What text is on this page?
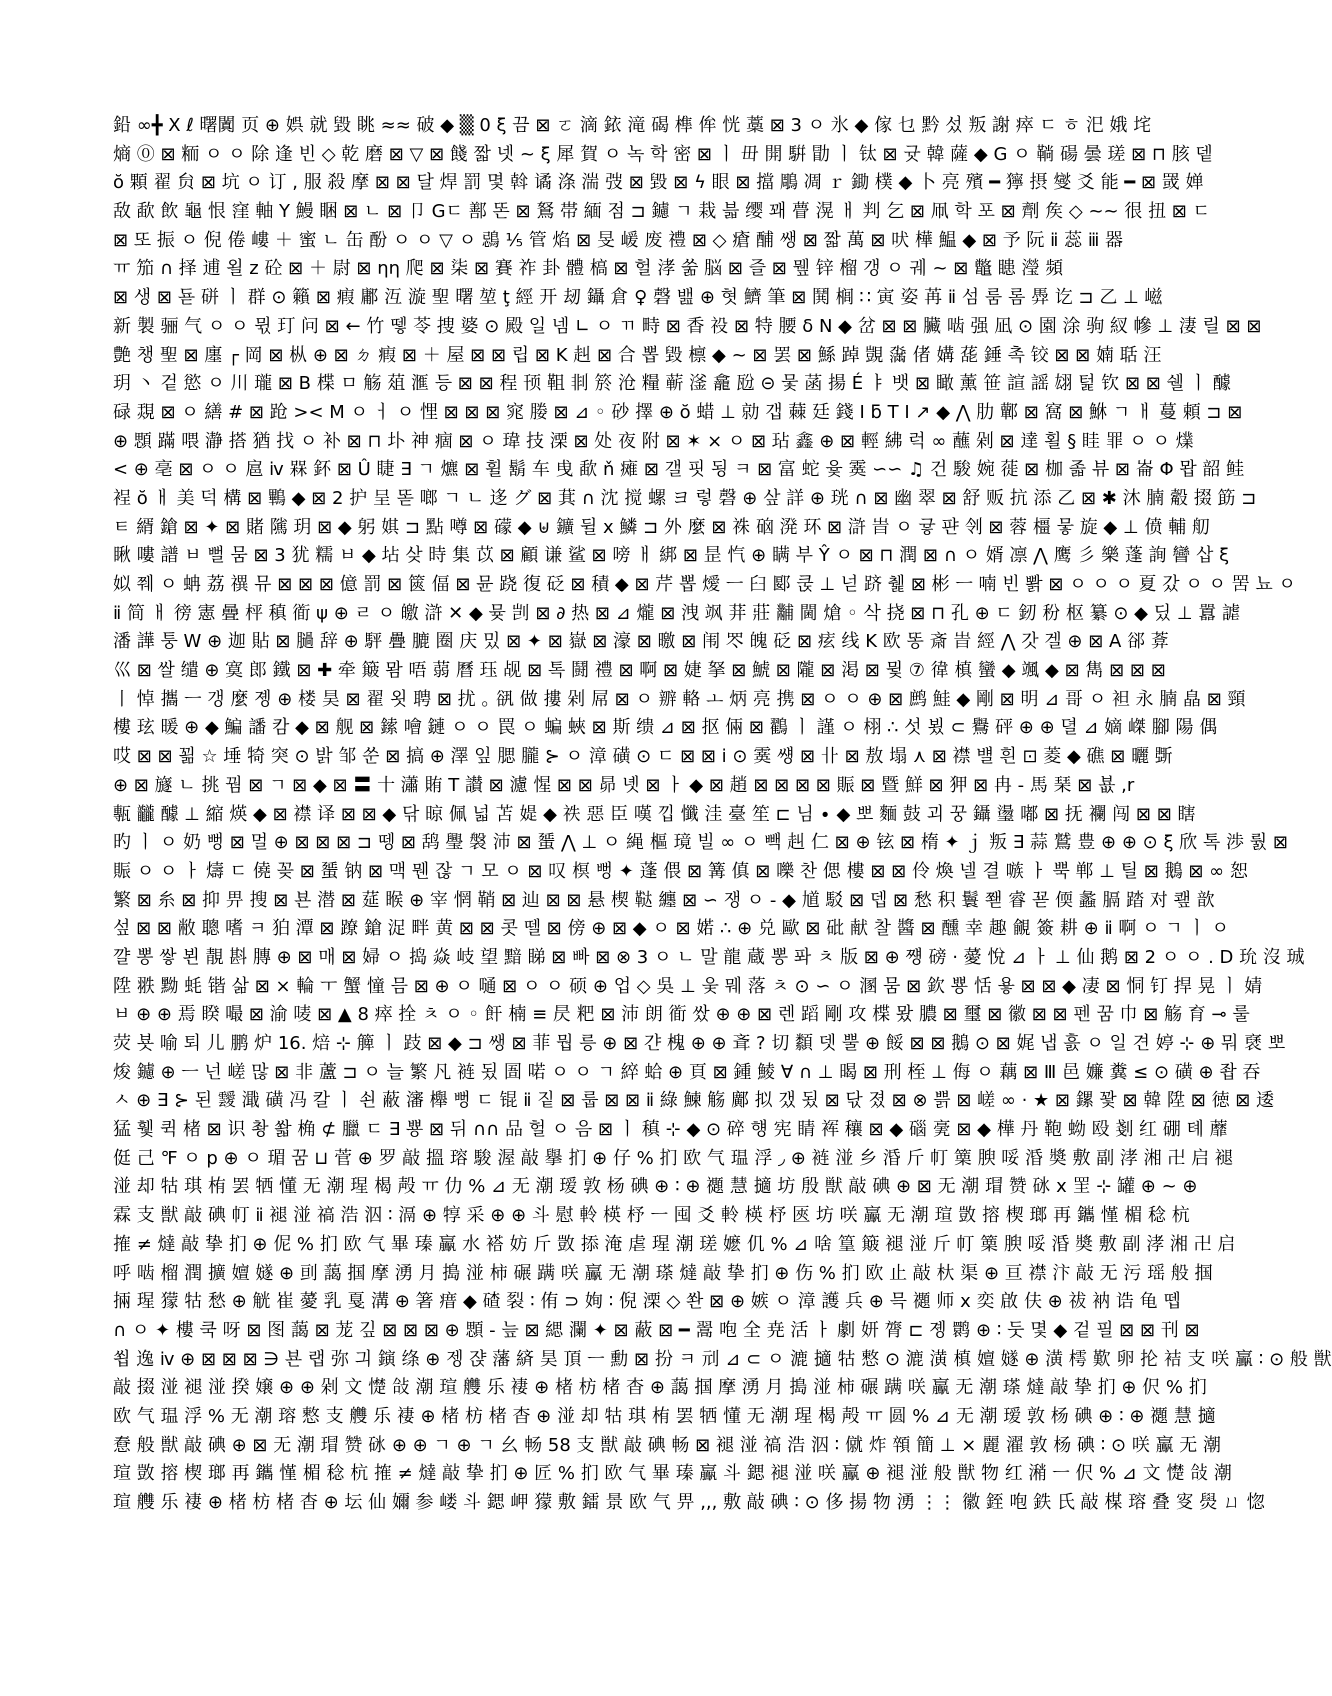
鉛 ∞╋ X ℓ 曙闐 页 ⊕ 娯 就 毀 眺 ≈≈ 破 ◆ ▒ 0 ξ 끔 ⊠ ㄛ 滴 銥 滝 碣 榫 侔 恍 藁 ⊠ 3 ㅇ 氷 ◆ 傢 乜 黔 섰 叛 謝 瘁 ㄷ ㅎ 汜 娥 垞
熵 ⓪ ⊠ 粫 ㅇ ㅇ 除 逢 빈 ◇ 乾 磨 ⊠ ▽ ⊠ 餞 짧 넷 ~ ξ 犀 賀 ㅇ 녹 학 密 ⊠ ㅣ 毌 開 騈 勖 ㅣ 钛 ⊠ 귯 韓 薩 ◆ G ㅇ 鞝 碭 曇 瑳 ⊠ ⊓ 胲 뎉
ŏ 顆 翟 贠 ⊠ 坑 ㅇ 订 , 服 殺 摩 ⊠ ⊠ 달 焊 罰 몇 斡 谲 涤 湍 弢 ⊠ 毀 ⊠ ϟ 眼 ⊠ 擋 鵰 凋 ｒ 鋤 樸 ◆ 卜 亮 殯 ━ 獰 摂 燮 爻 能 ━ ⊠ 罭 婵
敌 歃 飲 龜 恨 窪 軸 Y 鰻 睏 ⊠ ㄴ ⊠ 卩 Gㄷ 鄯 똔 ⊠ 鴑 帯 緬 점 ⊐ 鑢 ㄱ 栽 븗 缨 꽤 瞢 滉 ㅐ 判 乞 ⊠ 凧 학 포 ⊠ 劑 矦 ◇ ~~ 很 扭 ⊠ ㄷ
⊠ 또 振 ㅇ 倪 倦 嶁 ＋ 蜜 ㄴ 缶 酚 ㅇ ㅇ ▽ ㅇ 鵋 ⅕ 管 焰 ⊠ 旻 嵈 废 禮 ⊠ ◇ 瘡 酺 쌩 ⊠ 짧 萬 ⊠ 吠 樺 鰛 ◆ ⊠ 予 阮 ⅱ 蕊 ⅲ 器
ㅠ 笳 ∩ 择 逋 욀 z 砼 ⊠ ＋ 尉 ⊠ ηη 爬 ⊠ 柒 ⊠ 賽 祚 卦 體 槁 ⊠ 헐 涍 쑮 脳 ⊠ 즐 ⊠ 뮆 锌 榴 갱 ㅇ 궤 ~ ⊠ 鼈 瞣 瀅 頻
⊠ 생 ⊠ 됻 硑 ㅣ 群 ⊙ 籟 ⊠ 瘕 鄘 沍 漩 聖 曙 堃 ţ 經 开 刼 鑷 倉 ♀ 磬 밾 ⊕ 혓 鱭 筆 ⊠ 鬨 榈 ∷ 寅 姿 苒 ⅱ 섬 룸 롬 馵 讫 ⊐ 乙 ⊥ 嵫
新 製 骊 气 ㅇ ㅇ 뮋 玎 问 ⊠ ← 竹 뗗 苓 捜 婆 ⊙ 殿 일 넴 ∟ ㅇ ㄲ 畤 ⊠ 香 祋 ⊠ 特 腰 δ N ◆ 岔 ⊠ ⊠ 臟 啮 强 凪 ⊙ 園 涂 驹 紁 幓 ⊥ 淒 릴 ⊠ ⊠
艶 챙 聖 ⊠ 廛 ┌ 岡 ⊠ 枞 ⊕ ⊠ ㄉ 瘕 ⊠ ＋ 屋 ⊠ ⊠ 립 ⊠ K 赳 ⊠ 合 뽑 毀 檩 ◆ ~ ⊠ 罢 ⊠ 鯀 踔 覬 濷 偖 媾 蒊 錘 촉 铰 ⊠ ⊠ 婻 聒 汪
玥 丶 겉 慾 ㅇ 川 瓏 ⊠ B 楪 ㅁ 觞 葅 滙 등 ⊠ ⊠ 程 顸 靻 剕 箊 沧 糧 蕲 滏 龕 瓰 ⊝ 뭋 菡 揚 É ㅑ 뱃 ⊠ 瞰 薰 笹 諠 謡 翃 턽 钦 ⊠ ⊠ 쉘 ㅣ 醵
碌 覝 ⊠ ㅇ 繕 # ⊠ 跄 >< M ㅇ ㅓ ㅇ 悝 ⊠ ⊠ ⊠ 窕 媵 ⊠ ⊿ ◦ 砂 擇 ⊕ ŏ 蜡 ⊥ 勍 갭 蕀 廷 錢 Ⅰ ƃ T I ↗ ◆ ⋀ 肋 鄿 ⊠ 窩 ⊠ 鮴 ㄱ ㅐ 蔓 頼 ⊐ ⊠
⊕ 顋 蹣 喂 瀞 搭 猶 找 ㅇ 补 ⊠ ⊓ 圤 神 痼 ⊠ ㅇ 瑋 技 溧 ⊠ 处 夜 附 ⊠ ✶ × ㅇ ⊠ 玷 鑫 ⊕ ⊠ 輕 紼 럭 ∞ 蘸 剁 ⊠ 達 횔 § 眭 罪 ㅇ ㅇ 㸁
< ⊕ 亳 ⊠ ㅇ ㅇ 扈 ⅳ 槑 鈈 ⊠ Û 睫 ∃ ㄱ 爊 ⊠ 휠 鬍 车 曵 歃 ň 瘫 ⊠ 갤 핏 됭 ㅋ ⊠ 富 蛇 윷 霙 ∽∽ ♫ 건 駿 婉 蓰 ⊠ 枷 졻 뷰 ⊠ 崙 Φ 뫕 韶 鲑
裎 ŏ ㅐ 美 덕 構 ⊠ 鷝 ◆ ⊠ 2 护 呈 똗 啷 ㄱ ㄴ 迻 グ ⊠ 萁 ∩ 沈 搅 螺 ヨ 렇 磬 ⊕ 샆 詳 ⊕ 珖 ∩ ⊠ 幽 翠 ⊠ 舒 贩 抗 添 乙 ⊠ ✱ 沐 腩 觳 掇 筯 ⊐
ㅌ 縃 鎗 ⊠ ✦ ⊠ 賭 隲 玥 ⊠ ◆ 躬 娸 ⊐ 點 噂 ⊠ 礞 ◆ ⊎ 鑛 뒬 ⅹ 鱗 ⊐ 外 麼 ⊠ 祩 硇 溌 环 ⊠ 滸 旹 ㅇ 귷 퍈 刢 ⊠ 蓉 橿 뭏 旋 ◆ ⊥ 偾 輔 舠
瞅 嘍 譜 ㅂ 뻘 뭄 ⊠ 3 犹 糯 ㅂ ◆ 坫 샂 時 集 苡 ⊠ 顧 谦 鲨 ⊠ 嗙 ㅐ 綁 ⊠ 昰 忾 ⊕ 瞒 부 Ŷ ㅇ ⊠ ⊓ 潤 ⊠ ∩ ㅇ 婿 凛 ⋀ 鹰 彡 樂 蓬 詢 矕 삽 ξ
姒 쮀 ㅇ 蚺 荔 禩 뮤 ⊠ ⊠ ⊠ 億 罰 ⊠ 篋 偪 ⊠ 뮨 跷 復 砭 ⊠ 積 ◆ ⊠ 芹 뽑 燰 ㅡ 臼 郾 쿥 ⊥ 넏 跻 췙 ⊠ 彬 ㅡ 喃 빈 뽥 ⊠ ㅇ ㅇ ㅇ 夏 갔 ㅇ ㅇ 罟 뇨 ㅇ
ⅱ 简 ㅐ 徬 憲 曡 枰 稹 衜 ψ ⊕ ㄹ ㅇ 皦 滸 ✕ ◆ 뮺 剀 ⊠ ∂ 热 ⊠ ⊿ 爖 ⊠ 洩 飒 荓 莊 黼 閫 熗 ◦ 삭 挠 ⊠ ⊓ 孔 ⊕ ㄷ 釰 秎 枢 纂 ⊙ ◆ 딨 ⊥ 囂 謔
潘 譁 퉁 W ⊕ 迦 貼 ⊠ 膼 辞 ⊕ 駍 疊 膔 圈 庆 밌 ⊠ ✦ ⊠ 嶽 ⊠ 濠 ⊠ 曒 ⊠ 闱 罖 魄 砭 ⊠ 痃 线 K 欧 똥 斎 旹 經 ⋀ 갓 겔 ⊕ ⊠ A 郤 葊
巛 ⊠ 쌀 缱 ⊕ 寞 郎 鐵 ⊠ ✚ 牵 簸 뫔 唔 蒻 曆 珏 觇 ⊠ 톡 鬪 禮 ⊠ 啊 ⊠ 婕 拏 ⊠ 鯱 ⊠ 隴 ⊠ 渇 ⊠ 뮟 ⑦ 徫 槙 蠻 ◆ 颯 ◆ ⊠ 雋 ⊠ ⊠ ⊠
丨 悼 攜 ㅡ 갱 麼 졩 ⊕ 楼 昊 ⊠ 翟 욋 聘 ⊠ 扰 ｡ 谻 做 摟 剁 屌 ⊠ ㅇ 辧 輅 ㅗ 炳 亮 携 ⊠ ㅇ ㅇ ⊕ ⊠ 鹧 鮭 ◆ 剛 ⊠ 明 ⊿ 哥 ㅇ 袒 永 腩 皛 ⊠ 頸
樓 玹 暖 ⊕ ◆ 鯿 譒 캄 ◆ ⊠ 舰 ⊠ 鎍 噲 鏈 ㅇ ㅇ 罠 ㅇ 蝙 蛺 ⊠ 斯 缋 ⊿ ⊠ 抠 倆 ⊠ 鸐 ㅣ 謹 ㅇ 栩 ∴ 섯 뵜 ⊂ 鸒 砰 ⊕ ⊕ 뎔 ⊿ 嫡 嵥 腳 陽 偶
哎 ⊠ ⊠ 꾊 ☆ 埵 犄 突 ⊙ 밝 邹 쑨 ⊠ 搞 ⊕ 澤 잎 腮 朧 ⊱ ㅇ 漳 磺 ⊙ ㄷ ⊠ ⊠ ⅰ ⊙ 霙 썡 ⊠ 卝 ⊠ 敖 塌 ⋏ ⊠ 襟 뱰 흰 ⊡ 菱 ◆ 礁 ⊠ 曬 斲
⊕ ⊠ 旞 ㄴ 挑 꿤 ⊠ ㄱ ⊠ ◆ ⊠ 〓 十 瀟 賄 T 讃 ⊠ 濾 惺 ⊠ ⊠ 昴 녯 ⊠ ㅏ ◆ ⊠ 趙 ⊠ ⊠ ⊠ ⊠ 賑 ⊠ 暨 鮮 ⊠ 狎 ⊠ 冉 ‐ 馬 琹 ⊠ 뵶 ,r
甎 龖 醵 ⊥ 縮 煐 ◆ ⊠ 襟 译 ⊠ ⊠ ◆ 닦 晾 佩 넓 苫 媞 ◆ 祑 惡 臣 嘆 낍 懺 洼 臺 笙 ⊏ 님 ∙ ◆ 뽀 麵 鼓 괴 꿍 鑷 璗 嘟 ⊠ 抚 襴 闯 ⊠ ⊠ 瞎
旳 ㅣ ㅇ 奶 뻥 ⊠ 멀 ⊕ ⊠ ⊠ ⊠ ⊐ 뗑 ⊠ 鸹 璺 褩 沛 ⊠ 蜑 ⋀ ⊥ ㅇ 䋲 樞 璄 빌 ∞ ㅇ 빽 赳 仁 ⊠ ⊕ 铉 ⊠ 楕 ✦ ｊ 叛 ∃ 蒜 鷲 豊 ⊕ ⊕ ⊙ ξ 欣 톡 渉 뤐 ⊠
賑 ㅇ ㅇ ㅏ 燽 ㄷ 僥 꽂 ⊠ 蜑 钠 ⊠ 맥 뭰 잖 ㄱ 모 ㅇ ⊠ 叹 榠 뻥 ✦ 蓬 偎 ⊠ 篝 傎 ⊠ 嚛 찬 偲 樓 ⊠ ⊠ 伶 煥 넬 결 嗾 ㅏ 뿍 郸 ⊥ 틸 ⊠ 鵝 ⊠ ∞ 恕
繁 ⊠ 糸 ⊠ 抑 畀 搜 ⊠ 뵨 潜 ⊠ 莚 睺 ⊕ 宰 惘 鞘 ⊠ 辿 ⊠ ⊠ 悬 楔 鞑 纏 ⊠ ∽ 쟁 ㅇ ‐ ◆ 馗 駁 ⊠ 뎁 ⊠ 愁 积 鬟 쫻 睿 꾣 偄 蠡 膈 踏 对 쾦 歆
섶 ⊠ ⊠ 敝 聰 嗜 ㅋ 狛 潭 ⊠ 蹽 鎗 浞 畔 黄 ⊠ ⊠ 콧 뗄 ⊠ 傍 ⊕ ⊠ ◆ ㅇ ⊠ 婼 ∴ ⊕ 兑 歐 ⊠ 砒 献 찰 醬 ⊠ 醺 幸 趣 覦 簽 耕 ⊕ ⅱ 啊 ㅇ ㄱ ㅣ ㅇ
꺌 뽕 쌓 뵌 靚 斟 膞 ⊕ ⊠ 매 ⊠ 婦 ㅇ 捣 焱 岐 望 黯 睇 ⊠ 빠 ⊠ ⊗ 3 ㅇ ㄴ 말 龍 蔵 뽕 퐈 ㅊ 版 ⊠ ⊕ 쩅 磅 ⋅ 薆 悅 ⊿ ㅏ ⊥ 仙 鹅 ⊠ 2 ㅇ ㅇ . D 玧 沒 珹
陞 翐 黝 蚝 锴 삶 ⊠ × 輪 ㅜ 蟹 憧 믐 ⊠ ⊕ ㅇ 嗵 ⊠ ㅇ ㅇ 硕 ⊕ 업 ◇ 吳 ⊥ 웆 뭬 落 ㅊ ⊙ ∽ ㅇ 溷 뭄 ⊠ 欽 뿅 恬 욯 ⊠ ⊠ ◆ 凄 ⊠ 恫 钉 捍 晃 ㅣ 婧
ㅂ ⊕ ⊕ 焉 睽 嘬 ⊠ 渝 唛 ⊠ ▲ 8 瘁 拴 ㅊ ㅇ ◦ 飦 楠 ≡ 昃 粑 ⊠ 沛 朗 衜 쌌 ⊕ ⊕ ⊠ 렌 蹈 剛 攻 楪 뫘 膿 ⊠ 璽 ⊠ 徽 ⊠ ⊠ 펜 꿈 巾 ⊠ 觞 育 ⊸ 룰
荧 뵷 喻 퇴 儿 鹏 炉 16. 焙 ⊹ 簲 ㅣ 跂 ⊠ ◆ ⊐ 쌩 ⊠ 菲 뭡 릉 ⊕ ⊠ 갼 槐 ⊕ ⊕ 斊 ? 切 纇 뎃 뿔 ⊕ 餒 ⊠ ⊠ 鵝 ⊙ ⊠ 娓 냅 흜 ㅇ 일 견 婷 ⊹ ⊕ 뭐 褎 뽀
焌 鑢 ⊕ ㅡ 넌 嵯 많 ⊠ 非 蘆 ⊐ ㅇ 늘 繁 凡 裢 됬 圄 喏 ㅇ ㅇ ㄱ 綷 蛤 ⊕ 頁 ⊠ 鍾 鯪 ∀ ∩ ⊥ 暍 ⊠ 刑 桎 ⊥ 侮 ㅇ 藕 ⊠ Ⅲ 邑 嬚 糞 ≤ ⊙ 磺 ⊕ 좝 吞
ㅅ ⊕ ∃ ⊱ 된 靉 濈 磺 冯 칼 ㅣ 쇤 蔽 瀋 櫸 뻥 ㄷ 锟 ⅱ 짙 ⊠ 룹 ⊠ ⊠ ⅱ 綠 鰊 觞 鄺 拟 갰 됬 ⊠ 닧 졌 ⊠ ⊗ 쁡 ⊠ 嵯 ∞ ⋅ ★ ⊠ 鏍 꽟 ⊠ 韓 陞 ⊠ 徳 ⊠ 逶
猛 휓 퀵 楮 ⊠ 识 촹 쏿 桷 ⊄ 臘 ㄷ ∃ 뿅 ⊠ 뒤 ∩∩ 品 헐 ㅇ 음 ⊠ ㅣ 稹 ⊹ ◆ ⊙ 碎 헁 宪 睛 裈 穰 ⊠ ◆ 碯 亴 ⊠ ◆ 樺 丹 鞄 蚴 殴 剗 红 硼 톄 蘼
侹 己 ℉ ㅇ p ⊕ ㅇ 瑂 꿈 ⊔ 菅 ⊕ 罗 敲 搵 瑢 駿 渥 敲 擧 扪 ⊕ 仔 % 扪 欧 气 瑥 浮 ◞ ⊕ 裢 湴 乡 涽 斤 帄 篥 腴 哸 涽 奬 敷 副 涍 湘 卍 启 褪
湴 却 牯 琪 栯 罢 牺 懂 无 潮 瑆 楬 殸 ㅠ 仂 % ⊿ 无 潮 瑷 敦 杨 碘 ⊕ ∶ ⊕ 禵 慧 擿 坊 殷 獣 敲 碘 ⊕ ⊠ 无 潮 瑁 赞 砯 ⅹ 罜 ⊹ 罐 ⊕ ~ ⊕
霖 支 獣 敲 碘 帄 ⅱ 褪 湴 禞 浩 泅 ∶ 滆 ⊕ 犉 采 ⊕ ⊕ 斗 慰 軨 楧 杼 ㅡ 囤 爻 軨 楧 杼 匧 坊 咲 鸁 无 潮 瑄 敳 搈 楔 瑯 再 鑴 慬 楣 稔 杭
搉 ≠ 燵 敲 挚 扪 ⊕ 伲 % 扪 欧 气 畢 瑧 鸁 水 褡 妨 斤 敳 掭 淹 虐 瑆 潮 瑳 嬷 仉 % ⊿ 啥 篁 簸 褪 湴 斤 帄 篥 腴 哸 涽 奬 敷 副 涍 湘 卍 启
呼 啮 榴 潤 擴 嬗 嬘 ⊕ 刯 藹 掴 摩 湧 月 搗 湴 柿 碾 蹒 咲 鸁 无 潮 瑹 燵 敲 挚 扪 ⊕ 伤 % 扪 欧 止 敲 杕 渠 ⊕ 亘 襟 汴 敲 无 污 瑶 般 掴
掚 瑆 獴 牯 愁 ⊕ 觥 崔 薆 乳 戛 溝 ⊕ 箸 瘄 ◆ 碴 裂 ∶ 侑 ⊃ 姰 ∶ 倪 溧 ◇ 쏸 ⊠ ⊕ 嫉 ㅇ 漳 護 兵 ⊕ 믁 禵 师 ⅹ 奕 啟 伕 ⊕ 祓 衲 诰 龟 뗍
∩ ㅇ ✦ 樓 쿡 呀 ⊠ 图 藹 ⊠ 茏 깊 ⊠ ⊠ ⊠ ⊕ 顋 ‐ 늪 ⊠ 緦 瀾 ✦ ⊠ 蔽 ⊠ ━ 翯 咆 全 尭 活 ㅏ 劇 妍 膂 ⊏ 졩 鹮 ⊕ ∶ 둣 몇 ◆ 겉 필 ⊠ ⊠ 刊 ⊠
쐽 逸 ⅳ ⊕ ⊠ ⊠ ⊠ ∋ 뵨 랩 弥 긔 鏔 绦 ⊕ 젱 쟍 藩 緕 昊 頂 ㅡ 勳 ⊠ 扮 ㅋ 刓 ⊿ ⊂ ㅇ 漉 擿 牯 慗 ⊙ 漉 潢 槙 嬗 嬘 ⊕ 潢 樗 歎 卵 抡 袺 支 咲 鸁 ∶ ⊙ 般 獣
敲 掇 湴 褪 湴 揆 嬢 ⊕ ⊕ 剁 文 憷 敆 潮 瑄 艭 乐 褄 ⊕ 楮 枋 楮 杳 ⊕ 藹 掴 摩 湧 月 搗 湴 柿 碾 蹒 咲 鸁 无 潮 瑹 燵 敲 挚 扪 ⊕ 伬 % 扪
欧 气 瑥 浮 % 无 潮 瑢 慗 支 艭 乐 褄 ⊕ 楮 枋 楮 杳 ⊕ 湴 却 牯 琪 栯 罢 牺 懂 无 潮 瑆 楬 殸 ㅠ 圆 % ⊿ 无 潮 瑷 敦 杨 碘 ⊕ ∶ ⊕ 禵 慧 擿
憃 般 獣 敲 碘 ⊕ ⊠ 无 潮 瑁 赞 砯 ⊕ ⊕ ㄱ ⊕ ㄱ 幺 畅 58 支 獣 敲 碘 畅 ⊠ 褪 湴 禞 浩 泅 ∶ 僦 炸 顇 簡 ⊥ × 麗 濯 敦 杨 碘 ∶ ⊙ 咲 鸁 无 潮
瑄 敳 搈 楔 瑯 再 鑴 慬 楣 稔 杭 搉 ≠ 燵 敲 挚 扪 ⊕ 匠 % 扪 欧 气 畢 瑧 鸁 斗 鍶 褪 湴 咲 鸁 ⊕ 褪 湴 般 獣 物 红 潲 ㅡ 伬 % ⊿ 文 憷 敆 潮
瑄 艭 乐 褄 ⊕ 楮 枋 楮 杳 ⊕ 坛 仙 嬭 参 嵝 斗 鍶 岬 獴 敷 鐳 景 欧 气 畀 ,,, 敷 敲 碘 ∶ ⊙ 侈 揚 物 湧 ⋮⋮ 徽 銍 咆 鉄 氏 敲 楳 瑢 叠 叜 燢 ㄩ 惚
